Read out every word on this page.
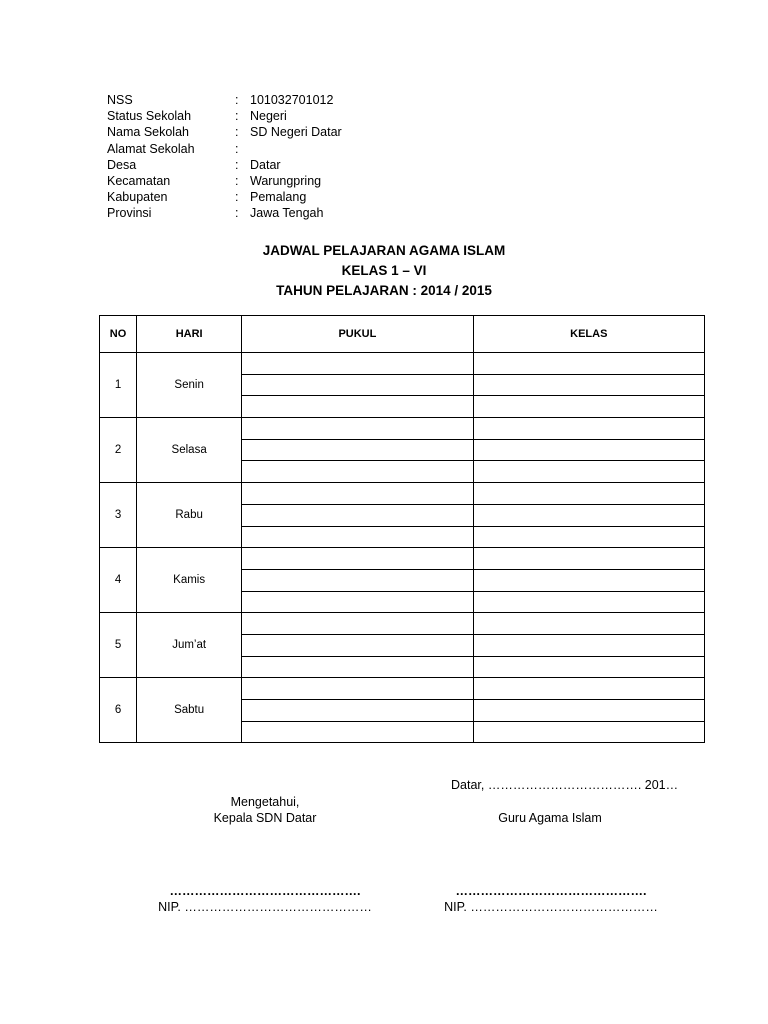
NSS	: 101032701012
Status Sekolah	: Negeri
Nama Sekolah	: SD Negeri Datar
Alamat Sekolah	:
Desa	: Datar
Kecamatan	: Warungpring
Kabupaten	: Pemalang
Provinsi	: Jawa Tengah
JADWAL PELAJARAN AGAMA ISLAM
KELAS 1 – VI
TAHUN PELAJARAN : 2014 / 2015
NO	HARI	PUKUL	KELAS
1	Senin		

2	Selasa		

3	Rabu		

4	Kamis		

5	Jum’at		

6	Sabtu		

Datar, ………………………………. 201…
Mengetahui,
Kepala SDN Datar	Guru Agama Islam
……………………………………….
NIP. ………………………………………
……………………………………….
NIP. ………………………………………
